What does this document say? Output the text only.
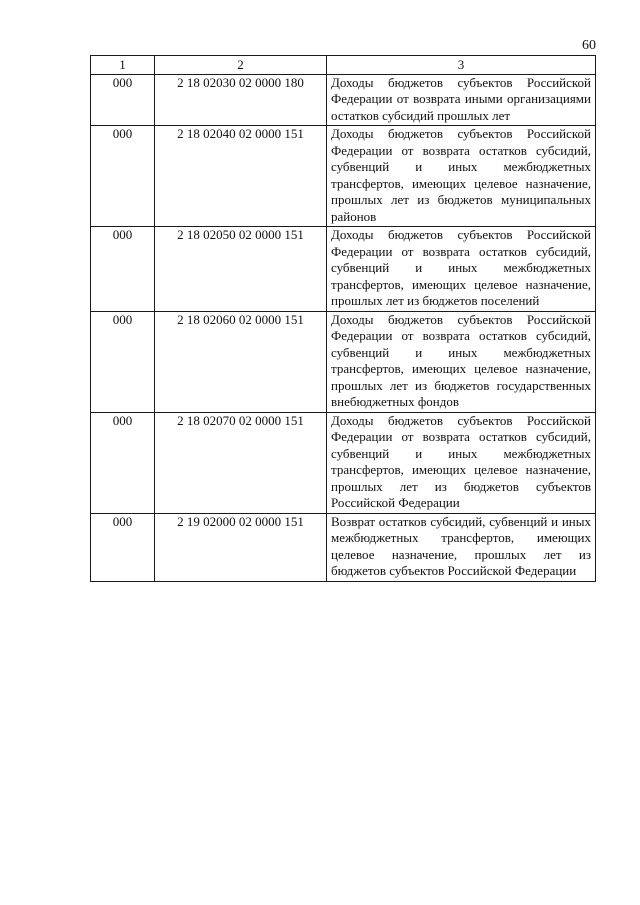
60
1	2	3
000	2 18 02030 02 0000 180	Доходы бюджетов субъектов Российской Федерации от возврата иными организациями остатков субсидий прошлых лет

000	2 18 02040 02 0000 151	Доходы бюджетов субъектов Российской Федерации от возврата остатков субсидий, субвенций и иных межбюджетных трансфертов, имеющих целевое назначение, прошлых лет из бюджетов муниципальных районов

000	2 18 02050 02 0000 151	Доходы бюджетов субъектов Российской Федерации от возврата остатков субсидий, субвенций и иных межбюджетных трансфертов, имеющих целевое назначение, прошлых лет из бюджетов поселений

000	2 18 02060 02 0000 151	Доходы бюджетов субъектов Российской Федерации от возврата остатков субсидий, субвенций и иных межбюджетных трансфертов, имеющих целевое назначение, прошлых лет из бюджетов государственных внебюджетных фондов

000	2 18 02070 02 0000 151	Доходы бюджетов субъектов Российской Федерации от возврата остатков субсидий, субвенций и иных межбюджетных трансфертов, имеющих целевое назначение, прошлых лет из бюджетов субъектов Российской Федерации

000	2 19 02000 02 0000 151	Возврат остатков субсидий, субвенций и иных межбюджетных трансфертов, имеющих целевое назначение, прошлых лет из бюджетов субъектов Российской Федерации
